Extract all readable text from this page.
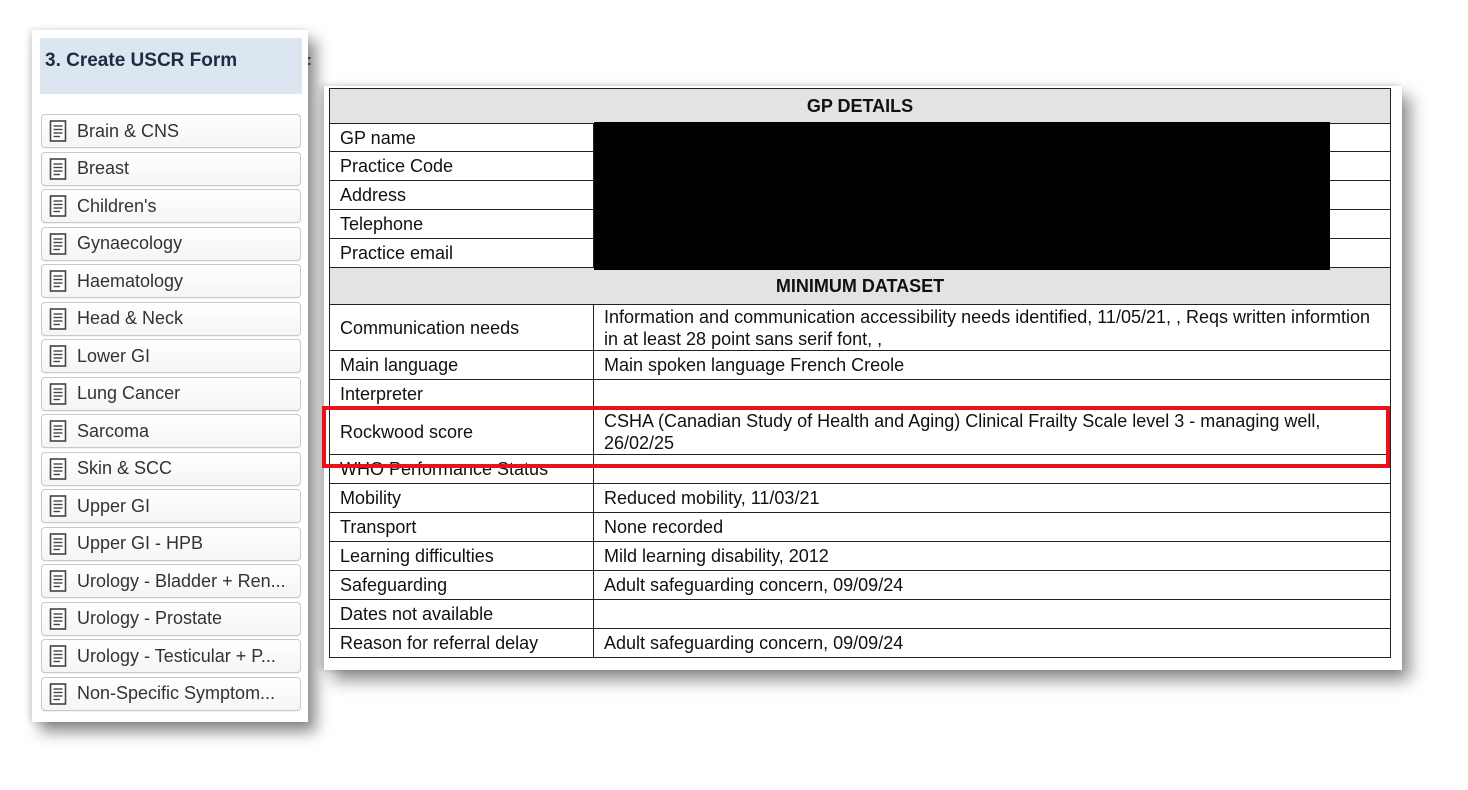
3. Create USCR Form	:
Brain & CNS
Breast
Children's
Gynaecology
Haematology
Head & Neck
Lower GI
Lung Cancer
Sarcoma
Skin & SCC
Upper GI
Upper GI - HPB
Urology - Bladder + Ren...
Urology - Prostate
Urology - Testicular + P...
Non-Specific Symptom...
GP DETAILS	
GP name	
Practice Code	
Address	
Telephone	
Practice email	
MINIMUM DATASET	
Communication needs	Information and communication accessibility needs identified, 11/05/21, , Reqs written informtion in at least 28 point sans serif font, ,
Main language	Main spoken language French Creole
Interpreter	
Rockwood score	CSHA (Canadian Study of Health and Aging) Clinical Frailty Scale level 3 - managing well, 26/02/25
WHO Performance Status	
Mobility	Reduced mobility, 11/03/21
Transport	None recorded
Learning difficulties	Mild learning disability, 2012
Safeguarding	Adult safeguarding concern, 09/09/24
Dates not available	
Reason for referral delay	Adult safeguarding concern, 09/09/24
